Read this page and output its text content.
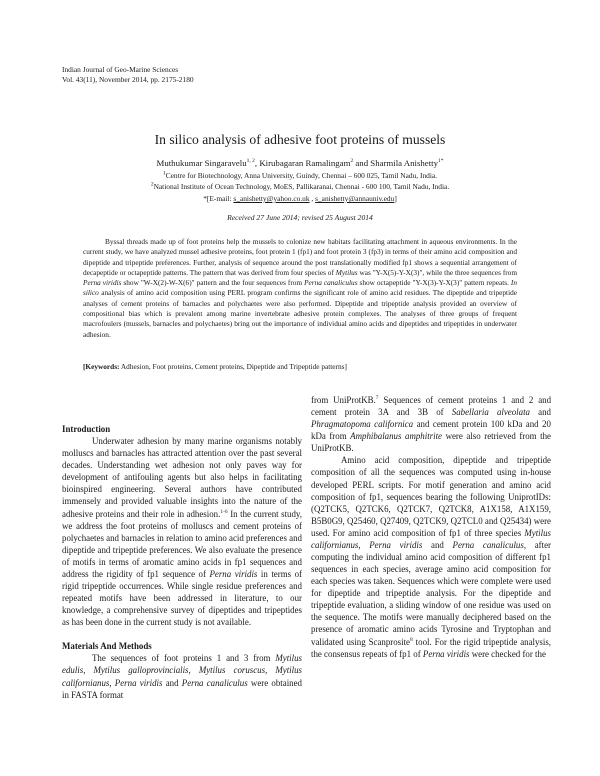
Indian Journal of Geo-Marine Sciences
Vol. 43(11), November 2014, pp. 2175-2180
In silico analysis of adhesive foot proteins of mussels
Muthukumar Singaravelu$^{1, 2}$, Kirubagaran Ramalingam$^2$ and Sharmila Anishetty$^{1*}$
$^1$Centre for Biotechnology, Anna University, Guindy, Chennai – 600 025, Tamil Nadu, India.
$^2$National Institute of Ocean Technology, MoES, Pallikaranai, Chennai - 600 100, Tamil Nadu, India.
*[E-mail: s_anishetty@yahoo.co.uk , s_anishetty@annauniv.edu]
Received 27 June 2014; revised 25 August 2014

Byssal threads made up of foot proteins help the mussels to colonize new habitats facilitating attachment in aqueous environments. In the current study, we have analyzed mussel adhesive proteins, foot protein 1 (fp1) and foot protein 3 (fp3) in terms of their amino acid composition and dipeptide and tripeptide preferences. Further, analysis of sequence around the post translationally modified fp1 shows a sequential arrangement of decapeptide or octapeptide patterns. The pattern that was derived from four species of Mytilus was "Y-X(5)-Y-X(3)", while the three sequences from Perna viridis show "W-X(2)-W-X(6)" pattern and the four sequences from Perna canaliculus show octapeptide "Y-X(3)-Y-X(3)" pattern repeats. In silico analysis of amino acid composition using PERL program confirms the significant role of amino acid residues. The dipeptide and tripeptide analyses of cement proteins of barnacles and polychaetes were also performed. Dipeptide and tripeptide analysis provided an overview of compositional bias which is prevalent among marine invertebrate adhesive protein complexes. The analyses of three groups of frequent macrofoulers (mussels, barnacles and polychaetes) bring out the importance of individual amino acids and dipeptides and tripeptides in underwater adhesion.

[Keywords: Adhesion, Foot proteins, Cement proteins, Dipeptide and Tripeptide patterns]

Introduction

Underwater adhesion by many marine organisms notably molluscs and barnacles has attracted attention over the past several decades. Understanding wet adhesion not only paves way for development of antifouling agents but also helps in facilitating bioinspired engineering. Several authors have contributed immensely and provided valuable insights into the nature of the adhesive proteins and their role in adhesion.$^{1-6}$ In the current study, we address the foot proteins of molluscs and cement proteins of polychaetes and barnacles in relation to amino acid preferences and dipeptide and tripeptide preferences. We also evaluate the presence of motifs in terms of aromatic amino acids in fp1 sequences and address the rigidity of fp1 sequence of Perna viridis in terms of rigid tripeptide occurrences. While single residue preferences and repeated motifs have been addressed in literature, to our knowledge, a comprehensive survey of dipeptides and tripeptides as has been done in the current study is not available.

Materials And Methods

The sequences of foot proteins 1 and 3 from Mytilus edulis, Mytilus galloprovincialis, Mytilus coruscus, Mytilus californianus, Perna viridis and Perna canaliculus were obtained in FASTA format

from UniProtKB.$^7$ Sequences of cement proteins 1 and 2 and cement protein 3A and 3B of Sabellaria alveolata and Phragmatopoma californica and cement protein 100 kDa and 20 kDa from Amphibalanus amphitrite were also retrieved from the UniProtKB.

Amino acid composition, dipeptide and tripeptide composition of all the sequences was computed using in-house developed PERL scripts. For motif generation and amino acid composition of fp1, sequences bearing the following UniprotIDs: (Q2TCK5, Q2TCK6, Q2TCK7, Q2TCK8, A1X158, A1X159, B5B0G9, Q25460, Q27409, Q2TCK9, Q2TCL0 and Q25434) were used. For amino acid composition of fp1 of three species Mytilus californianus, Perna viridis and Perna canaliculus, after computing the individual amino acid composition of different fp1 sequences in each species, average amino acid composition for each species was taken. Sequences which were complete were used for dipeptide and tripeptide analysis. For the dipeptide and tripeptide evaluation, a sliding window of one residue was used on the sequence. The motifs were manually deciphered based on the presence of aromatic amino acids Tyrosine and Tryptophan and validated using Scanprosite$^8$ tool. For the rigid tripeptide analysis, the consensus repeats of fp1 of Perna viridis were checked for the
